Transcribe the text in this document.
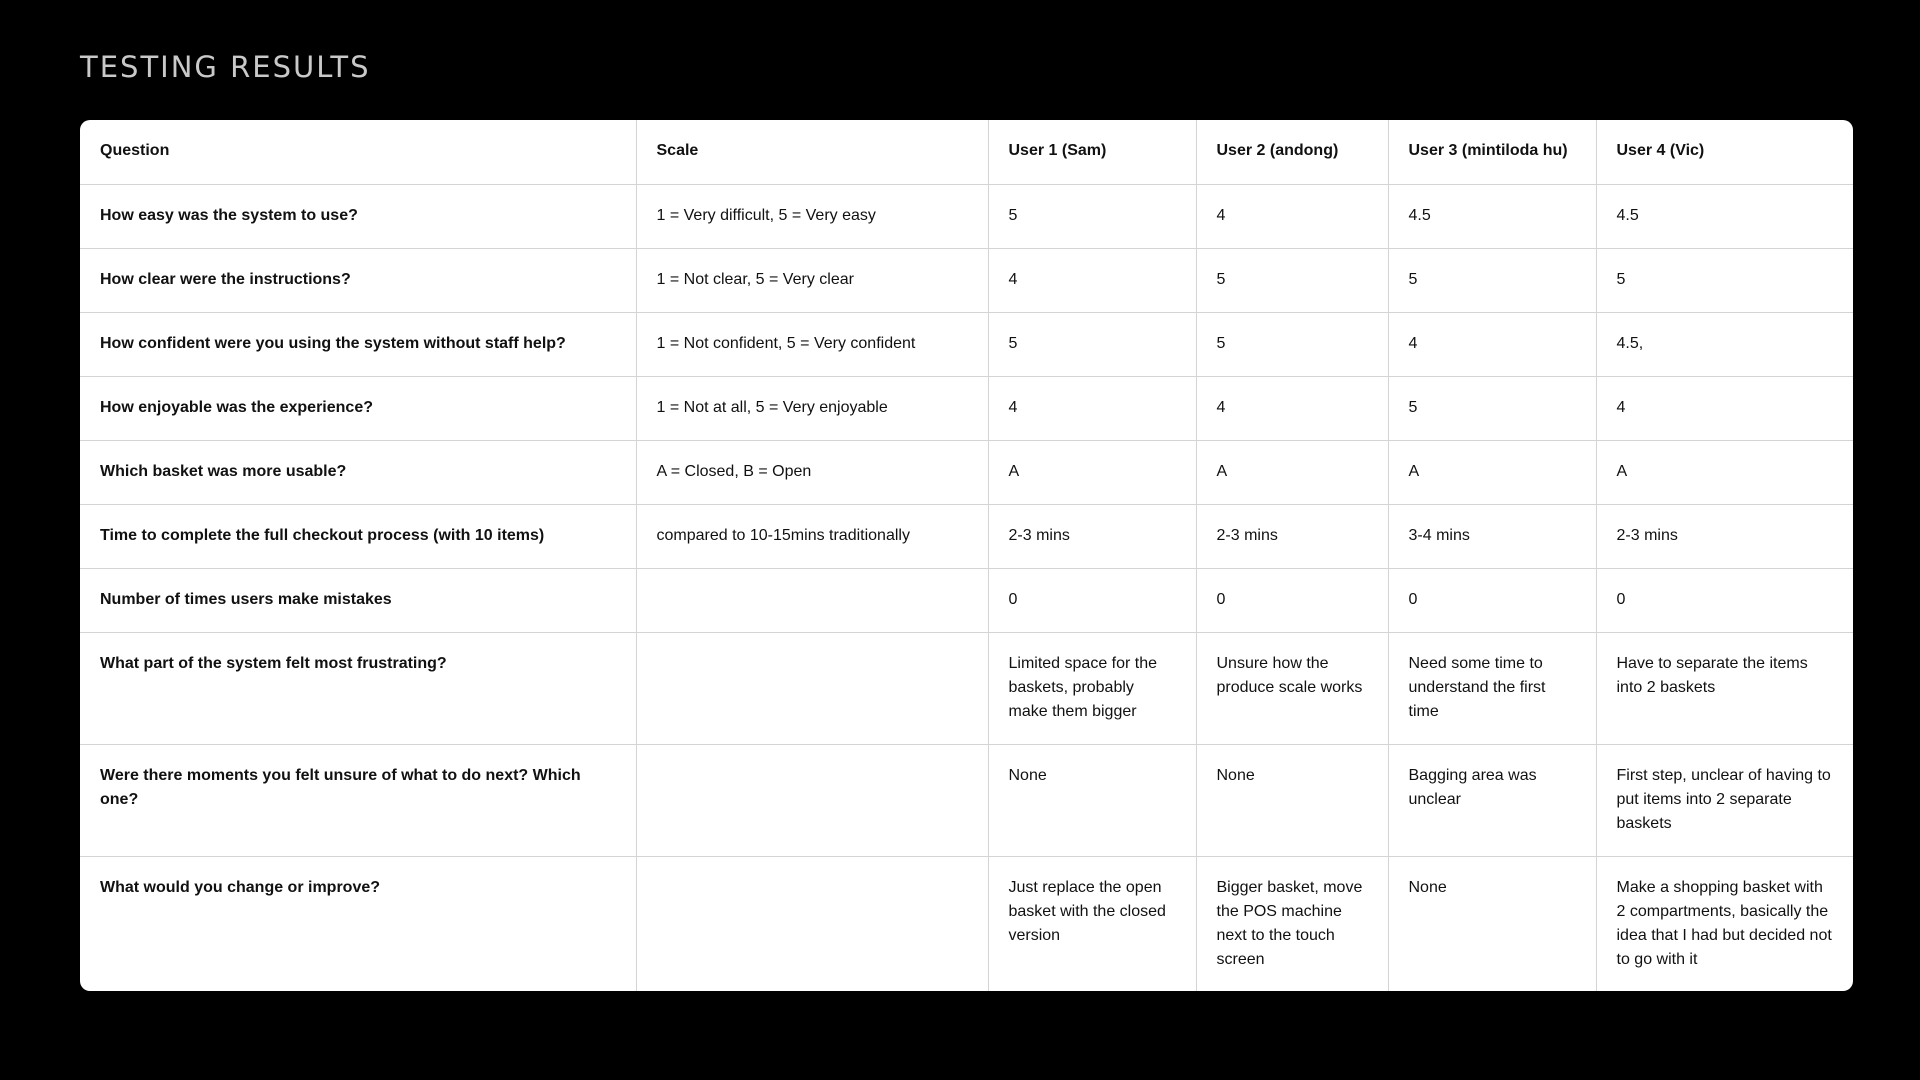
TESTING RESULTS
Question	Scale	User 1 (Sam)	User 2 (andong)	User 3 (mintiloda hu)	User 4 (Vic)
How easy was the system to use?	1 = Very difficult, 5 = Very easy	5	4	4.5	4.5
How clear were the instructions?	1 = Not clear, 5 = Very clear	4	5	5	5
How confident were you using the system without staff help?	1 = Not confident, 5 = Very confident	5	5	4	4.5,
How enjoyable was the experience?	1 = Not at all, 5 = Very enjoyable	4	4	5	4
Which basket was more usable?	A = Closed, B = Open	A	A	A	A
Time to complete the full checkout process (with 10 items)	compared to 10-15mins traditionally	2-3 mins	2-3 mins	3-4 mins	2-3 mins
Number of times users make mistakes		0	0	0	0
What part of the system felt most frustrating?		Limited space for the baskets, probably make them bigger	Unsure how the produce scale works	Need some time to understand the first time	Have to separate the items into 2 baskets
Were there moments you felt unsure of what to do next? Which one?		None	None	Bagging area was unclear	First step, unclear of having to put items into 2 separate baskets
What would you change or improve?		Just replace the open basket with the closed version	Bigger basket, move the POS machine next to the touch screen	None	Make a shopping basket with 2 compartments, basically the idea that I had but decided not to go with it
